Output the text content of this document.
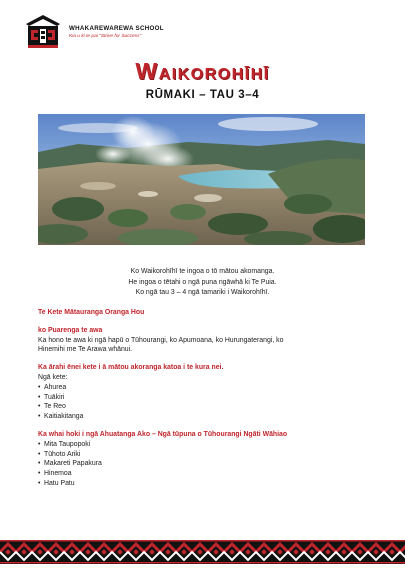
WHAKAREWAREWA SCHOOL
Kia u ki te pai "Strive for Success"
Waikorohīhī
RŪMAKI – TAU 3–4
Ko Waikorohīhī te ingoa o tō mātou akomanga.
He ingoa o tētahi o ngā puna ngāwhā ki Te Puia.
Ko ngā tau 3 – 4 ngā tamariki i Waikorohīhī.
Te Kete Mātauranga Oranga Hou
ko Puarenga te awa
Ka hono te awa ki ngā hapū o Tūhourangi, ko Apumoana, ko Hurungaterangi, ko
Hinemihi me Te Arawa whānui.
Ka ārahi ēnei kete i ā mātou akoranga katoa i te kura nei.
Ngā kete:
• Ahurea
• Tuākiri
• Te Reo
• Kaitiakitanga
Ka whai hoki i ngā Ahuatanga Ako – Ngā tūpuna o Tūhourangi Ngāti Wāhiao
• Mita Taupopoki
• Tūhoto Ariki
• Makareti Papakura
• Hinemoa
• Hatu Patu
